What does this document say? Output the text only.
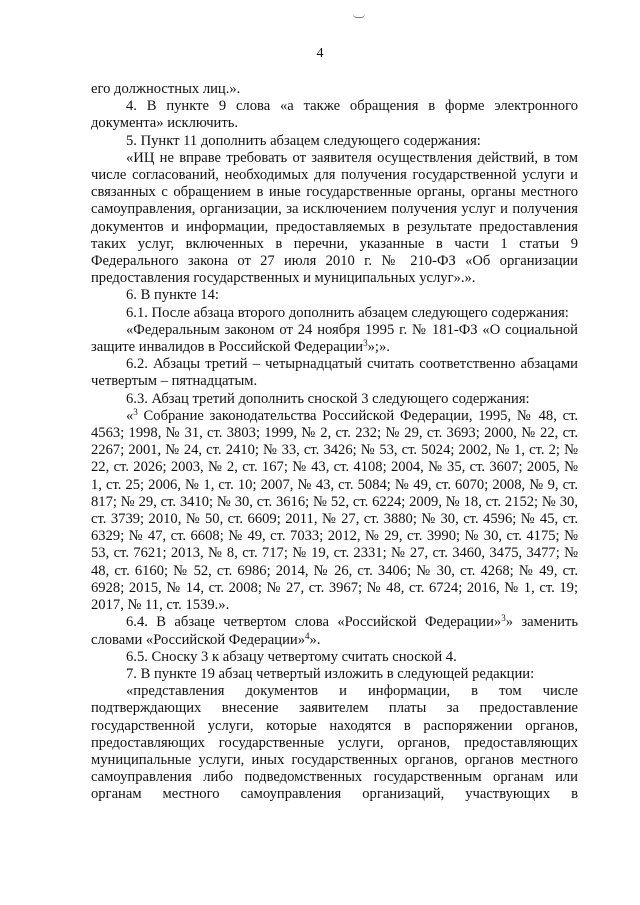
4

его должностных лиц.».

4. В пункте 9 слова «а также обращения в форме электронного документа» исключить.

5. Пункт 11 дополнить абзацем следующего содержания:

«ИЦ не вправе требовать от заявителя осуществления действий, в том числе согласований, необходимых для получения государственной услуги и связанных с обращением в иные государственные органы, органы местного самоуправления, организации, за исключением получения услуг и получения документов и информации, предоставляемых в результате предоставления таких услуг, включенных в перечни, указанные в части 1 статьи 9 Федерального закона от 27 июля 2010 г. № 210-ФЗ «Об организации предоставления государственных и муниципальных услуг».».

6. В пункте 14:

6.1. После абзаца второго дополнить абзацем следующего содержания:

«Федеральным законом от 24 ноября 1995 г. № 181-ФЗ «О социальной защите инвалидов в Российской Федерации$^3$»;».

6.2. Абзацы третий – четырнадцатый считать соответственно абзацами четвертым – пятнадцатым.

6.3. Абзац третий дополнить сноской 3 следующего содержания:

«$^3$ Собрание законодательства Российской Федерации, 1995, № 48, ст. 4563; 1998, № 31, ст. 3803; 1999, № 2, ст. 232; № 29, ст. 3693; 2000, № 22, ст. 2267; 2001, № 24, ст. 2410; № 33, ст. 3426; № 53, ст. 5024; 2002, № 1, ст. 2; № 22, ст. 2026; 2003, № 2, ст. 167; № 43, ст. 4108; 2004, № 35, ст. 3607; 2005, № 1, ст. 25; 2006, № 1, ст. 10; 2007, № 43, ст. 5084; № 49, ст. 6070; 2008, № 9, ст. 817; № 29, ст. 3410; № 30, ст. 3616; № 52, ст. 6224; 2009, № 18, ст. 2152; № 30, ст. 3739; 2010, № 50, ст. 6609; 2011, № 27, ст. 3880; № 30, ст. 4596; № 45, ст. 6329; № 47, ст. 6608; № 49, ст. 7033; 2012, № 29, ст. 3990; № 30, ст. 4175; № 53, ст. 7621; 2013, № 8, ст. 717; № 19, ст. 2331; № 27, ст. 3460, 3475, 3477; № 48, ст. 6160; № 52, ст. 6986; 2014, № 26, ст. 3406; № 30, ст. 4268; № 49, ст. 6928; 2015, № 14, ст. 2008; № 27, ст. 3967; № 48, ст. 6724; 2016, № 1, ст. 19; 2017, № 11, ст. 1539.».

6.4. В абзаце четвертом слова «Российской Федерации»$^3$» заменить словами «Российской Федерации»$^4$».

6.5. Сноску 3 к абзацу четвертому считать сноской 4.

7. В пункте 19 абзац четвертый изложить в следующей редакции:

«представления документов и информации, в том числе подтверждающих внесение заявителем платы за предоставление государственной услуги, которые находятся в распоряжении органов, предоставляющих государственные услуги, органов, предоставляющих муниципальные услуги, иных государственных органов, органов местного самоуправления либо подведомственных государственным органам или органам местного самоуправления организаций, участвующих в
